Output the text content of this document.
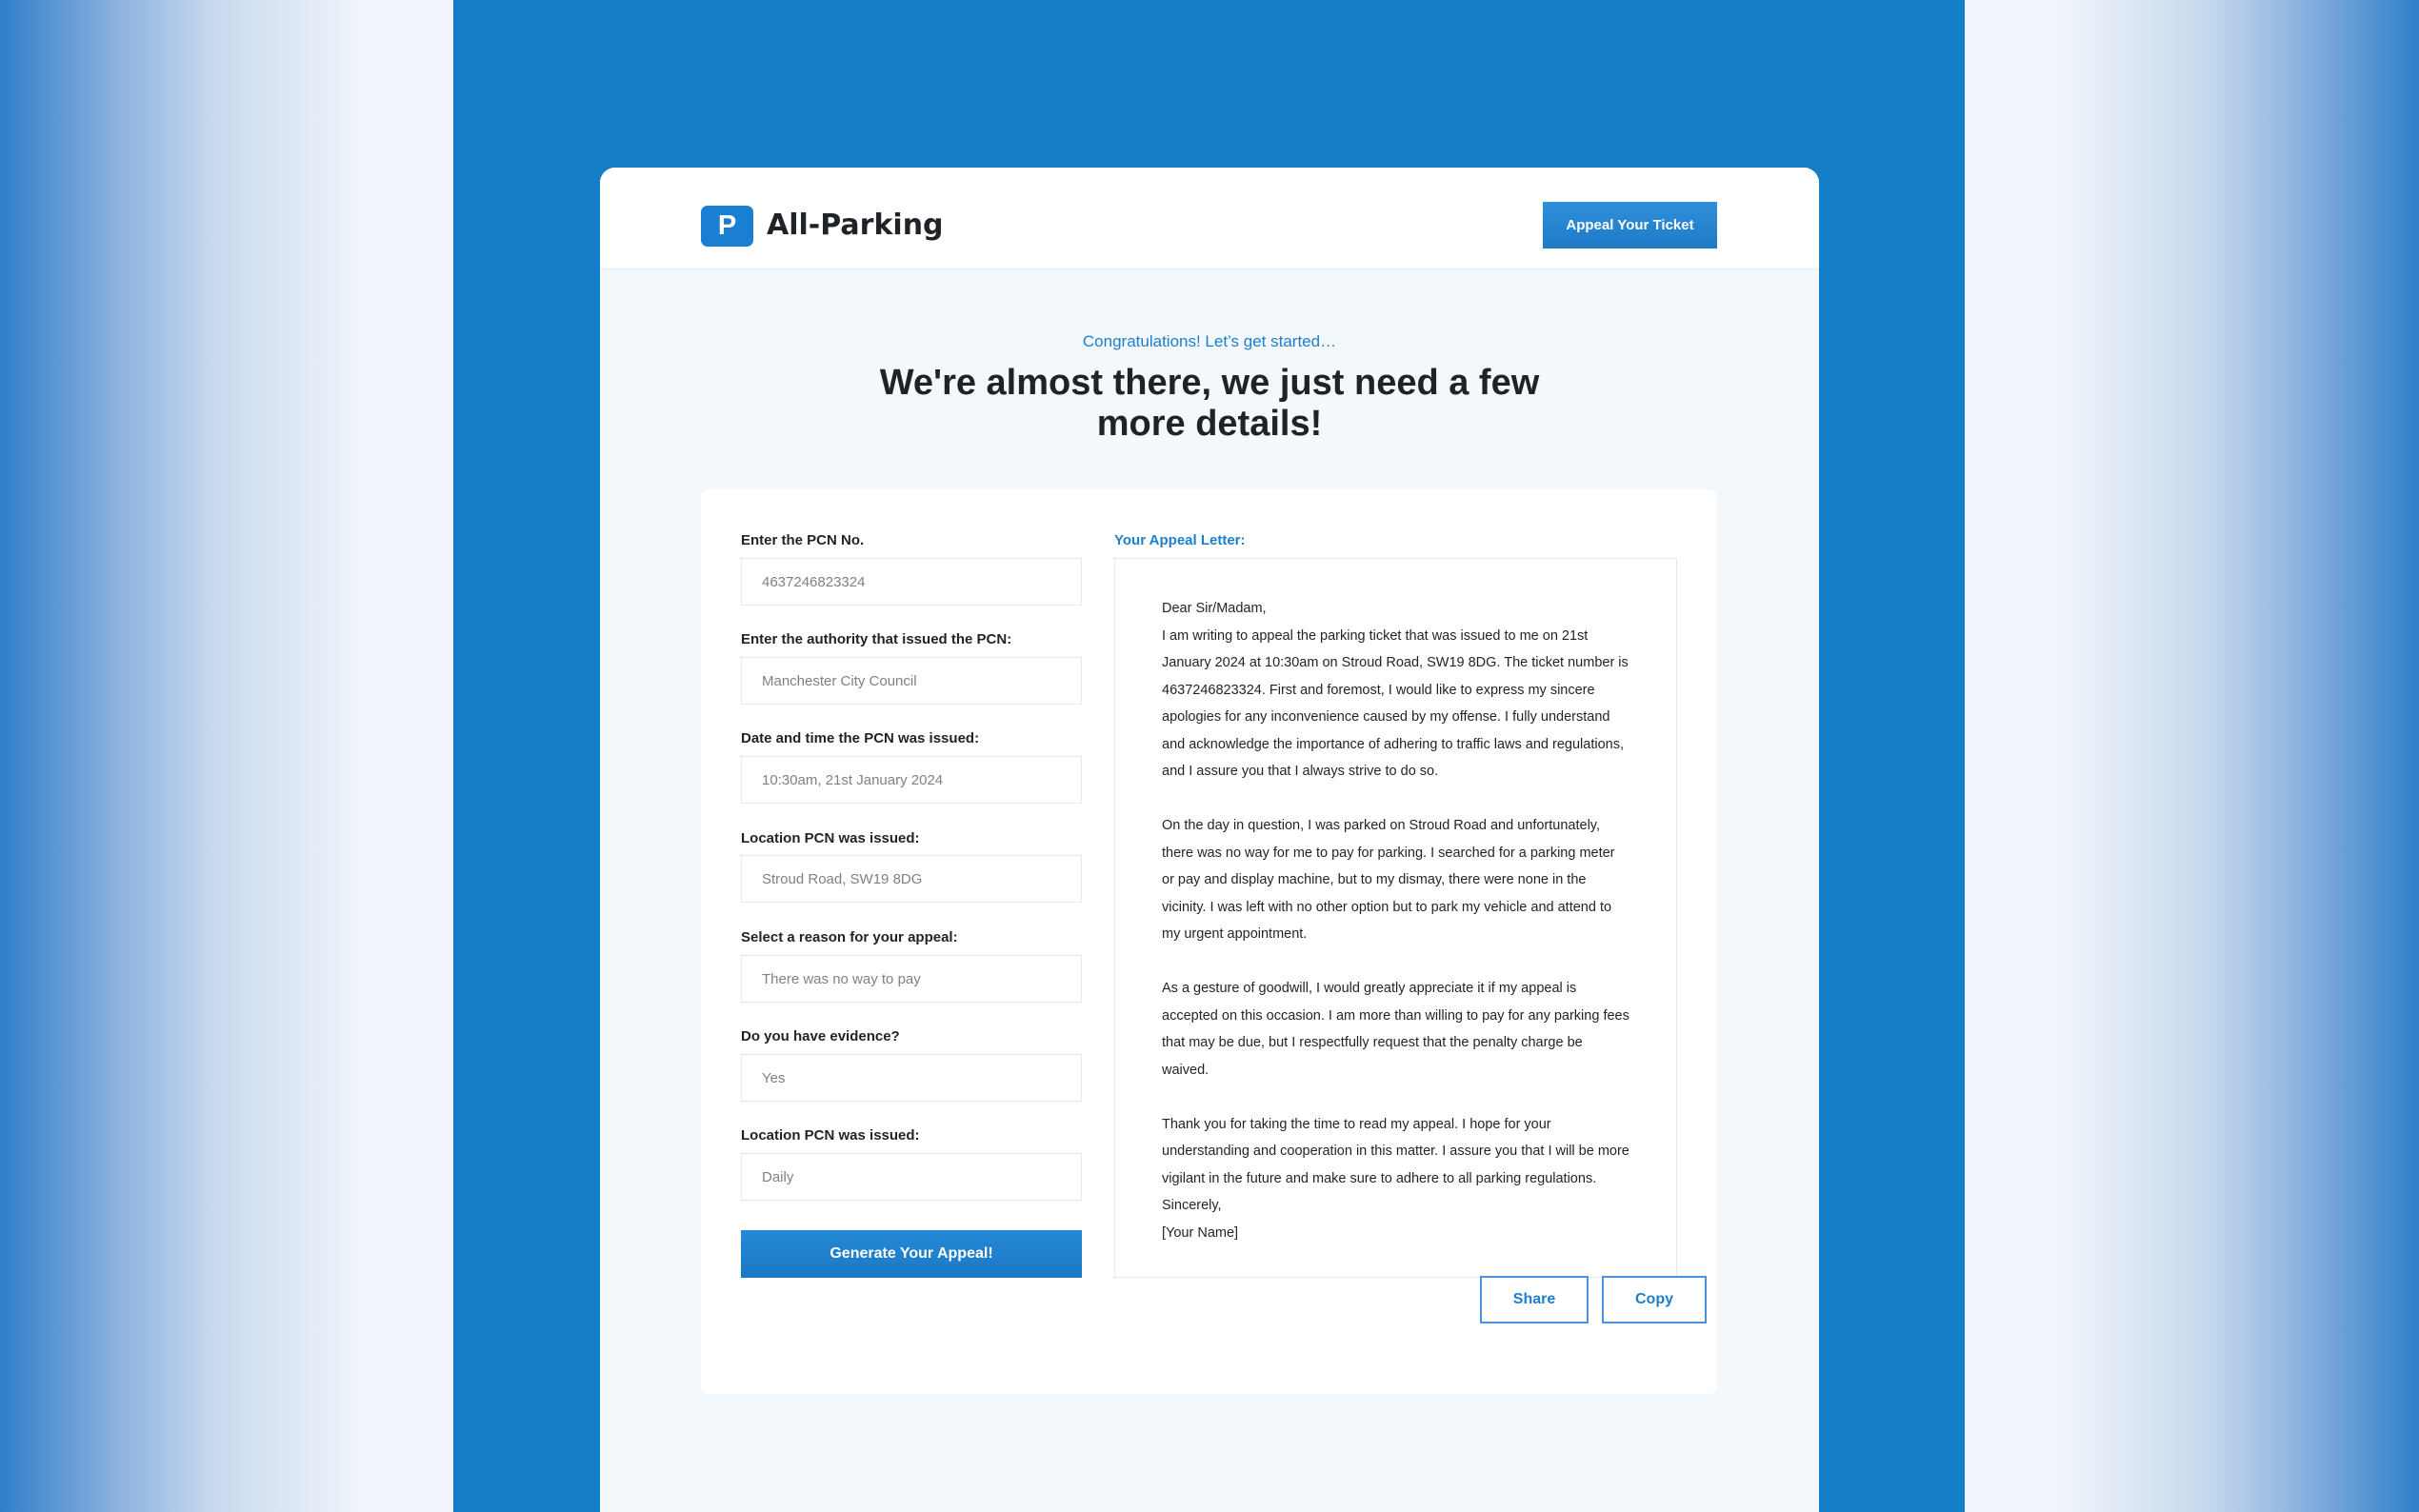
P	All-Parking	Appeal Your Ticket
Congratulations! Let’s get started…
We're almost there, we just need a few more details!
Enter the PCN No.
4637246823324
Enter the authority that issued the PCN:
Manchester City Council
Date and time the PCN was issued:
10:30am, 21st January 2024
Location PCN was issued:
Stroud Road, SW19 8DG
Select a reason for your appeal:
There was no way to pay
Do you have evidence?
Yes
Location PCN was issued:
Daily
Generate Your Appeal!
Your Appeal Letter:

Dear Sir/Madam,
I am writing to appeal the parking ticket that was issued to me on 21st January 2024 at 10:30am on Stroud Road, SW19 8DG. The ticket number is 4637246823324. First and foremost, I would like to express my sincere apologies for any inconvenience caused by my offense. I fully understand and acknowledge the importance of adhering to traffic laws and regulations, and I assure you that I always strive to do so.

On the day in question, I was parked on Stroud Road and unfortunately, there was no way for me to pay for parking. I searched for a parking meter or pay and display machine, but to my dismay, there were none in the vicinity. I was left with no other option but to park my vehicle and attend to my urgent appointment.

As a gesture of goodwill, I would greatly appreciate it if my appeal is accepted on this occasion. I am more than willing to pay for any parking fees that may be due, but I respectfully request that the penalty charge be waived.

Thank you for taking the time to read my appeal. I hope for your understanding and cooperation in this matter. I assure you that I will be more vigilant in the future and make sure to adhere to all parking regulations. Sincerely,
[Your Name]

Share	Copy
